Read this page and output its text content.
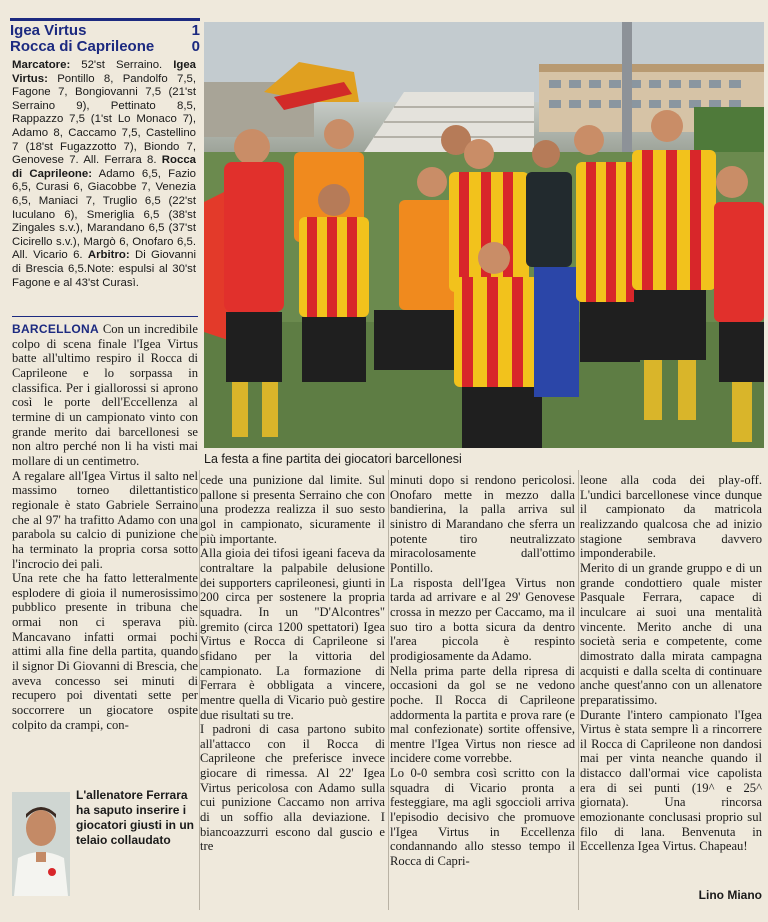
Igea Virtus	1
Rocca di Caprileone 0
Marcatore: 52'st Serraino. Igea Virtus: Pontillo 8, Pandolfo 7,5, Fagone 7, Bongiovanni 7,5 (21'st Serraino 9), Pettinato 8,5, Rappazzo 7,5 (1'st Lo Monaco 7), Adamo 8, Caccamo 7,5, Castellino 7 (18'st Fugazzotto 7), Biondo 7, Genovese 7. All. Ferrara 8. Rocca di Caprileone: Adamo 6,5, Fazio 6,5, Curasi 6, Giacobbe 7, Venezia 6,5, Maniaci 7, Truglio 6,5 (22'st Iuculano 6), Smeriglia 6,5 (38'st Zingales s.v.), Marandano 6,5 (37'st Cicirello s.v.), Margò 6, Onofaro 6,5. All. Vicario 6. Arbitro: Di Giovanni di Brescia 6,5.Note: espulsi al 30'st Fagone e al 43'st Curasì.
La festa a fine partita dei giocatori barcellonesi

BARCELLONA Con un incredibile colpo di scena finale l'Igea Virtus batte all'ultimo respiro il Rocca di Caprileone e lo sorpassa in classifica. Per i giallorossi si aprono così le porte dell'Eccellenza al termine di un campionato vinto con grande merito dai barcellonesi se non altro perché non li ha visti mai mollare di un centimetro.

A regalare all'Igea Virtus il salto nel massimo torneo dilettantistico regionale è stato Gabriele Serraino che al 97' ha trafitto Adamo con una parabola su calcio di punizione che ha terminato la propria corsa sotto l'incrocio dei pali.

Una rete che ha fatto letteralmente esplodere di gioia il numerosissimo pubblico presente in tribuna che ormai non ci sperava più. Mancavano infatti ormai pochi attimi alla fine della partita, quando il signor Di Giovanni di Brescia, che aveva concesso sei minuti di recupero poi diventati sette per soccorrere un giocatore ospite colpito da crampi, con-

cede una punizione dal limite. Sul pallone si presenta Serraino che con una prodezza realizza il suo sesto gol in campionato, sicuramente il più importante.

Alla gioia dei tifosi igeani faceva da contraltare la palpabile delusione dei supporters caprileonesi, giunti in 200 circa per sostenere la propria squadra. In un "D'Alcontres" gremito (circa 1200 spettatori) Igea Virtus e Rocca di Caprileone si sfidano per la vittoria del campionato. La formazione di Ferrara è obbligata a vincere, mentre quella di Vicario può gestire due risultati su tre.

I padroni di casa partono subito all'attacco con il Rocca di Caprileone che preferisce invece giocare di rimessa. Al 22' Igea Virtus pericolosa con Adamo sulla cui punizione Caccamo non arriva di un soffio alla deviazione. I biancoazzurri escono dal guscio e tre

minuti dopo si rendono pericolosi. Onofaro mette in mezzo dalla bandierina, la palla arriva sul sinistro di Marandano che sferra un potente tiro neutralizzato miracolosamente dall'ottimo Pontillo.

La risposta dell'Igea Virtus non tarda ad arrivare e al 29' Genovese crossa in mezzo per Caccamo, ma il suo tiro a botta sicura da dentro l'area piccola è respinto prodigiosamente da Adamo.

Nella prima parte della ripresa di occasioni da gol se ne vedono poche. Il Rocca di Caprileone addormenta la partita e prova rare (e mal confezionate) sortite offensive, mentre l'Igea Virtus non riesce ad incidere come vorrebbe.

Lo 0-0 sembra così scritto con la squadra di Vicario pronta a festeggiare, ma agli sgoccioli arriva l'episodio decisivo che promuove l'Igea Virtus in Eccellenza condannando allo stesso tempo il Rocca di Capri-

leone alla coda dei play-off. L'undici barcellonese vince dunque il campionato da matricola realizzando qualcosa che ad inizio stagione sembrava davvero imponderabile.

Merito di un grande gruppo e di un grande condottiero quale mister Pasquale Ferrara, capace di inculcare ai suoi una mentalità vincente. Merito anche di una società seria e competente, come dimostrato dalla mirata campagna acquisti e dalla scelta di continuare anche quest'anno con un allenatore preparatissimo.

Durante l'intero campionato l'Igea Virtus è stata sempre lì a rincorrere il Rocca di Caprileone non dandosi mai per vinta neanche quando il distacco dall'ormai vice capolista era di sei punti (19^ e 25^ giornata). Una rincorsa emozionante conclusasi proprio sul filo di lana. Benvenuta in Eccellenza Igea Virtus. Chapeau!

L'allenatore Ferrara ha saputo inserire i giocatori giusti in un telaio collaudato
Lino Miano
